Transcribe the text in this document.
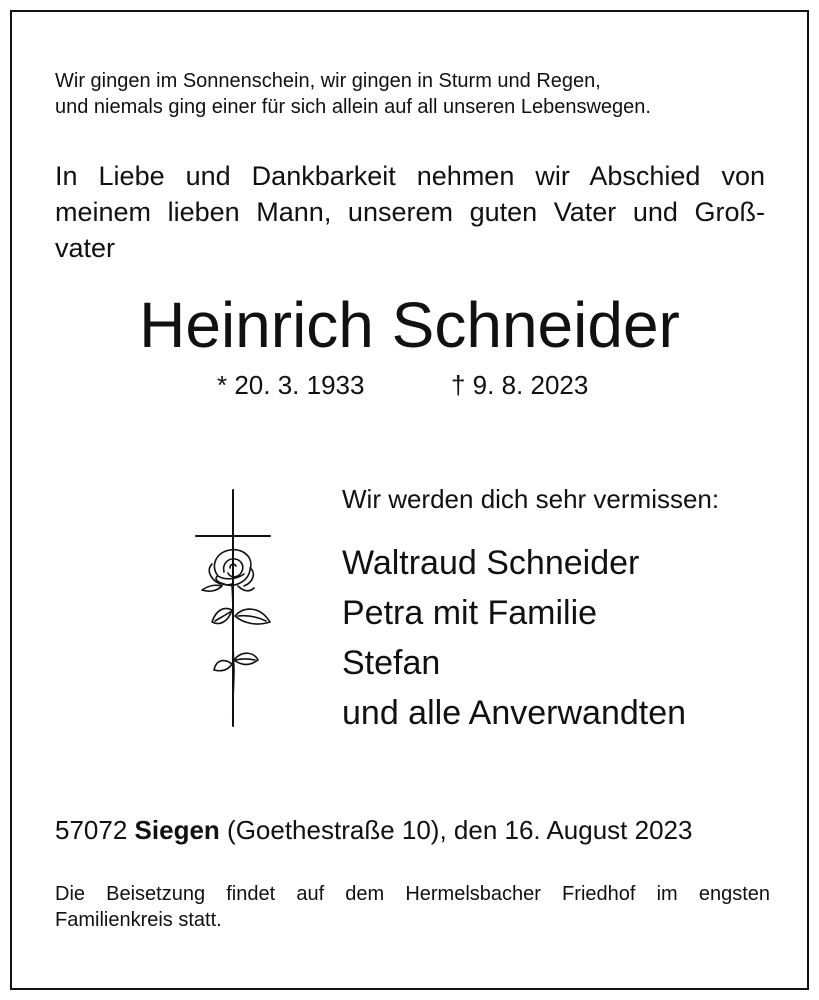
Wir gingen im Sonnenschein, wir gingen in Sturm und Regen,
und niemals ging einer für sich allein auf all unseren Lebenswegen.
In Liebe und Dankbarkeit nehmen wir Abschied von
meinem lieben Mann, unserem guten Vater und Groß-
vater
Heinrich Schneider
* 20. 3. 1933	† 9. 8. 2023
Wir werden dich sehr vermissen:
Waltraud Schneider
Petra mit Familie
Stefan
und alle Anverwandten
57072 Siegen (Goethestraße 10), den 16. August 2023
Die Beisetzung findet auf dem Hermelsbacher Friedhof im engsten
Familienkreis statt.
